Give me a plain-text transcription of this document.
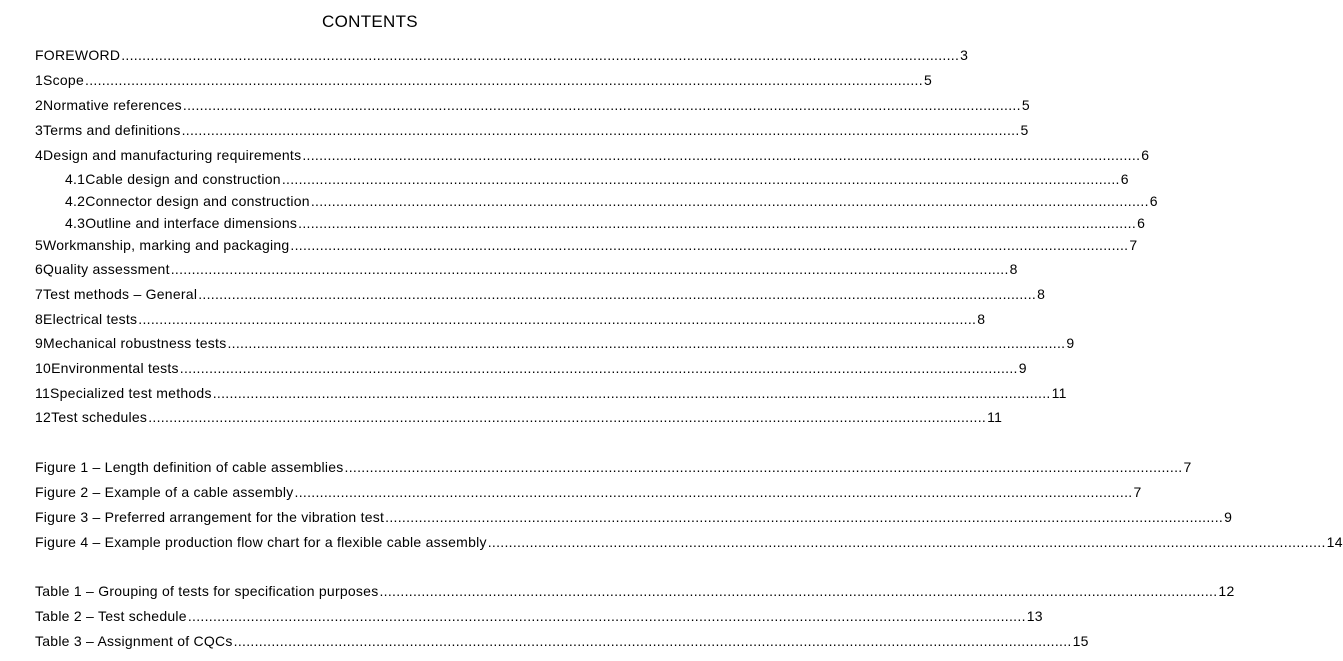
CONTENTS
FOREWORD ........................................................................................................................................................................................................ 3
1 Scope ........................................................................................................................................................................................................ 5
2 Normative references ........................................................................................................................................................................................................ 5
3 Terms and definitions ........................................................................................................................................................................................................ 5
4 Design and manufacturing requirements ........................................................................................................................................................................................................ 6
4.1 Cable design and construction ........................................................................................................................................................................................................ 6
4.2 Connector design and construction ........................................................................................................................................................................................................ 6
4.3 Outline and interface dimensions ........................................................................................................................................................................................................ 6
5 Workmanship, marking and packaging ........................................................................................................................................................................................................ 7
6 Quality assessment ........................................................................................................................................................................................................ 8
7 Test methods – General ........................................................................................................................................................................................................ 8
8 Electrical tests ........................................................................................................................................................................................................ 8
9 Mechanical robustness tests ........................................................................................................................................................................................................ 9
10 Environmental tests ........................................................................................................................................................................................................ 9
11 Specialized test methods ........................................................................................................................................................................................................ 11
12 Test schedules ........................................................................................................................................................................................................ 11
Figure 1 – Length definition of cable assemblies ........................................................................................................................................................................................................ 7
Figure 2 – Example of a cable assembly ........................................................................................................................................................................................................ 7
Figure 3 – Preferred arrangement for the vibration test ........................................................................................................................................................................................................ 9
Figure 4 – Example production flow chart for a flexible cable assembly ........................................................................................................................................................................................................ 14
Table 1 – Grouping of tests for specification purposes ........................................................................................................................................................................................................ 12
Table 2 – Test schedule ........................................................................................................................................................................................................ 13
Table 3 – Assignment of CQCs ........................................................................................................................................................................................................ 15
